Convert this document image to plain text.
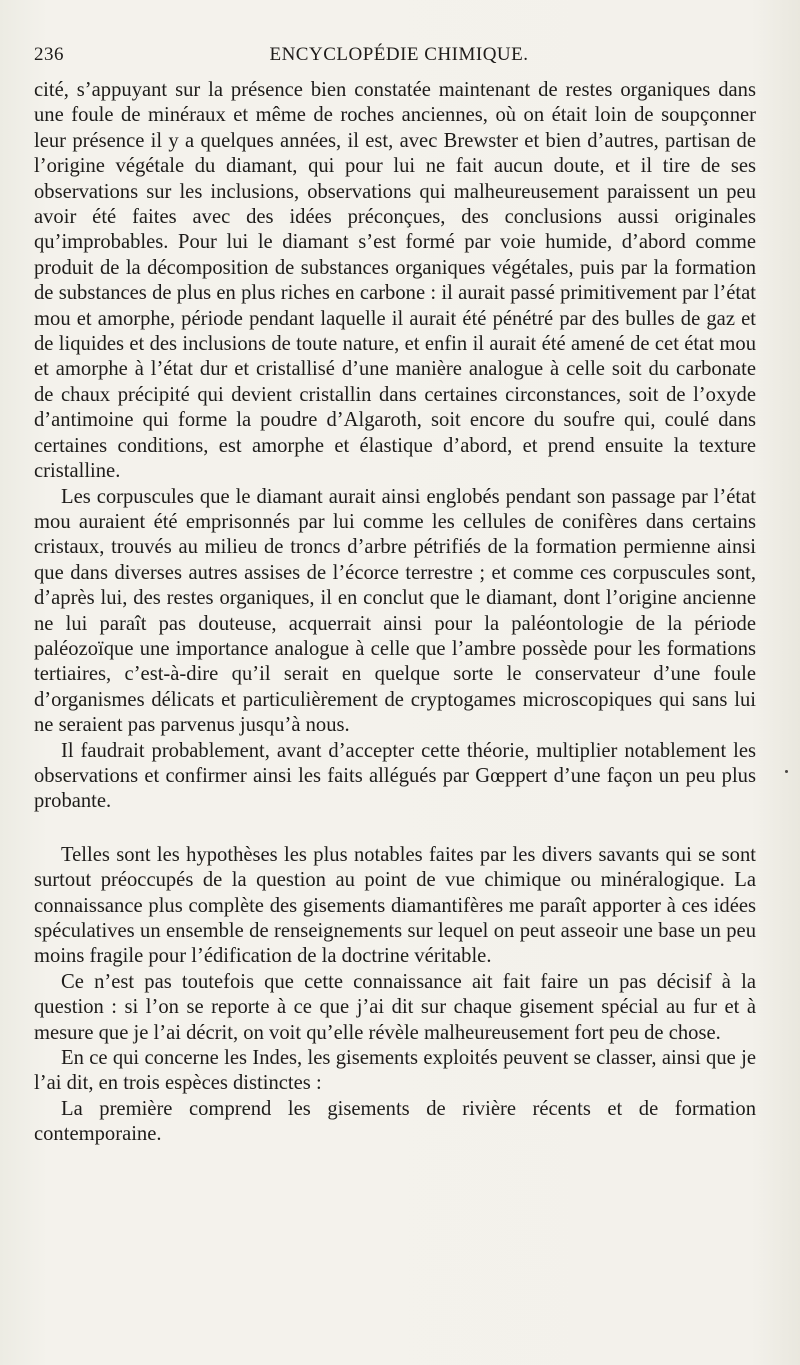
236	ENCYCLOPÉDIE CHIMIQUE.

cité, s’appuyant sur la présence bien constatée maintenant de restes organiques dans une foule de minéraux et même de roches anciennes, où on était loin de soupçonner leur présence il y a quelques années, il est, avec Brewster et bien d’autres, partisan de l’origine végétale du diamant, qui pour lui ne fait aucun doute, et il tire de ses observations sur les inclusions, observations qui malheureusement paraissent un peu avoir été faites avec des idées préconçues, des conclusions aussi originales qu’improbables. Pour lui le diamant s’est formé par voie humide, d’abord comme produit de la décomposition de substances organiques végétales, puis par la formation de substances de plus en plus riches en carbone : il aurait passé primitivement par l’état mou et amorphe, période pendant laquelle il aurait été pénétré par des bulles de gaz et de liquides et des inclusions de toute nature, et enfin il aurait été amené de cet état mou et amorphe à l’état dur et cristallisé d’une manière analogue à celle soit du carbonate de chaux précipité qui devient cristallin dans certaines circonstances, soit de l’oxyde d’antimoine qui forme la poudre d’Algaroth, soit encore du soufre qui, coulé dans certaines conditions, est amorphe et élastique d’abord, et prend ensuite la texture cristalline.

Les corpuscules que le diamant aurait ainsi englobés pendant son passage par l’état mou auraient été emprisonnés par lui comme les cellules de conifères dans certains cristaux, trouvés au milieu de troncs d’arbre pétrifiés de la formation permienne ainsi que dans diverses autres assises de l’écorce terrestre ; et comme ces corpuscules sont, d’après lui, des restes organiques, il en conclut que le diamant, dont l’origine ancienne ne lui paraît pas douteuse, acquerrait ainsi pour la paléontologie de la période paléozoïque une importance analogue à celle que l’ambre possède pour les formations tertiaires, c’est-à-dire qu’il serait en quelque sorte le conservateur d’une foule d’organismes délicats et particulièrement de cryptogames microscopiques qui sans lui ne seraient pas parvenus jusqu’à nous.

Il faudrait probablement, avant d’accepter cette théorie, multiplier notablement les observations et confirmer ainsi les faits allégués par Gœppert d’une façon un peu plus probante.

Telles sont les hypothèses les plus notables faites par les divers savants qui se sont surtout préoccupés de la question au point de vue chimique ou minéralogique. La connaissance plus complète des gisements diamantifères me paraît apporter à ces idées spéculatives un ensemble de renseignements sur lequel on peut asseoir une base un peu moins fragile pour l’édification de la doctrine véritable.

Ce n’est pas toutefois que cette connaissance ait fait faire un pas décisif à la question : si l’on se reporte à ce que j’ai dit sur chaque gisement spécial au fur et à mesure que je l’ai décrit, on voit qu’elle révèle malheureusement fort peu de chose.

En ce qui concerne les Indes, les gisements exploités peuvent se classer, ainsi que je l’ai dit, en trois espèces distinctes :

La première comprend les gisements de rivière récents et de formation contemporaine.
